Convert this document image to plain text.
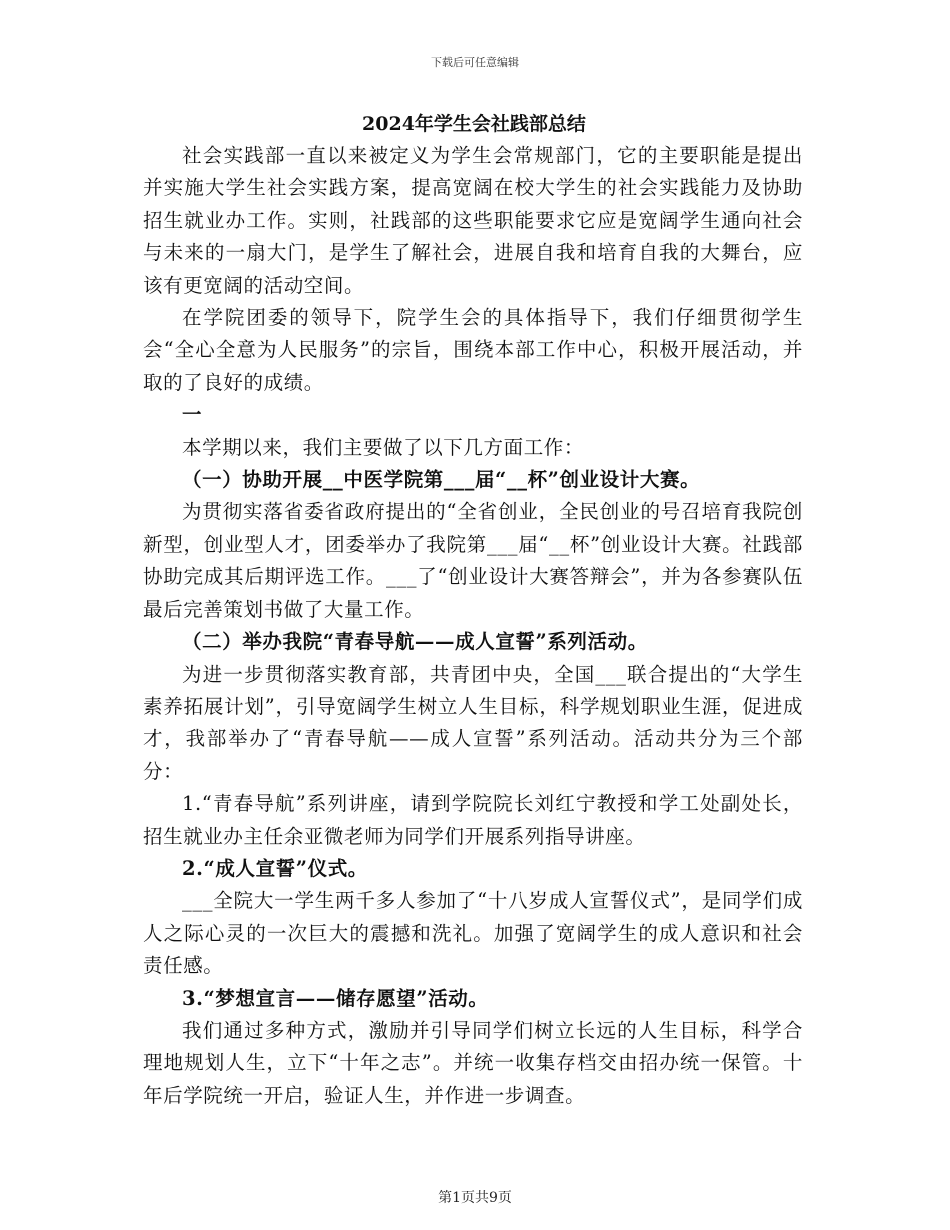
下载后可任意编辑
2024年学生会社践部总结

社会实践部一直以来被定义为学生会常规部门，它的主要职能是提出并实施大学生社会实践方案，提高宽阔在校大学生的社会实践能力及协助招生就业办工作。实则，社践部的这些职能要求它应是宽阔学生通向社会与未来的一扇大门，是学生了解社会，进展自我和培育自我的大舞台，应该有更宽阔的活动空间。

在学院团委的领导下，院学生会的具体指导下，我们仔细贯彻学生会“全心全意为人民服务”的宗旨，围绕本部工作中心，积极开展活动，并取的了良好的成绩。

一

本学期以来，我们主要做了以下几方面工作：

（一）协助开展__中医学院第___届“__杯”创业设计大赛。

为贯彻实落省委省政府提出的“全省创业，全民创业的号召培育我院创新型，创业型人才，团委举办了我院第___届“__杯”创业设计大赛。社践部协助完成其后期评选工作。___了“创业设计大赛答辩会”，并为各参赛队伍最后完善策划书做了大量工作。

（二）举办我院“青春导航——成人宣誓”系列活动。

为进一步贯彻落实教育部，共青团中央，全国___联合提出的“大学生素养拓展计划”，引导宽阔学生树立人生目标，科学规划职业生涯，促进成才，我部举办了“青春导航——成人宣誓”系列活动。活动共分为三个部分：

1.“青春导航”系列讲座，请到学院院长刘红宁教授和学工处副处长，招生就业办主任余亚微老师为同学们开展系列指导讲座。

2.“成人宣誓”仪式。

___全院大一学生两千多人参加了“十八岁成人宣誓仪式”，是同学们成人之际心灵的一次巨大的震撼和洗礼。加强了宽阔学生的成人意识和社会责任感。

3.“梦想宣言——储存愿望”活动。

我们通过多种方式，激励并引导同学们树立长远的人生目标，科学合理地规划人生，立下“十年之志”。并统一收集存档交由招办统一保管。十年后学院统一开启，验证人生，并作进一步调查。

第1页共9页
